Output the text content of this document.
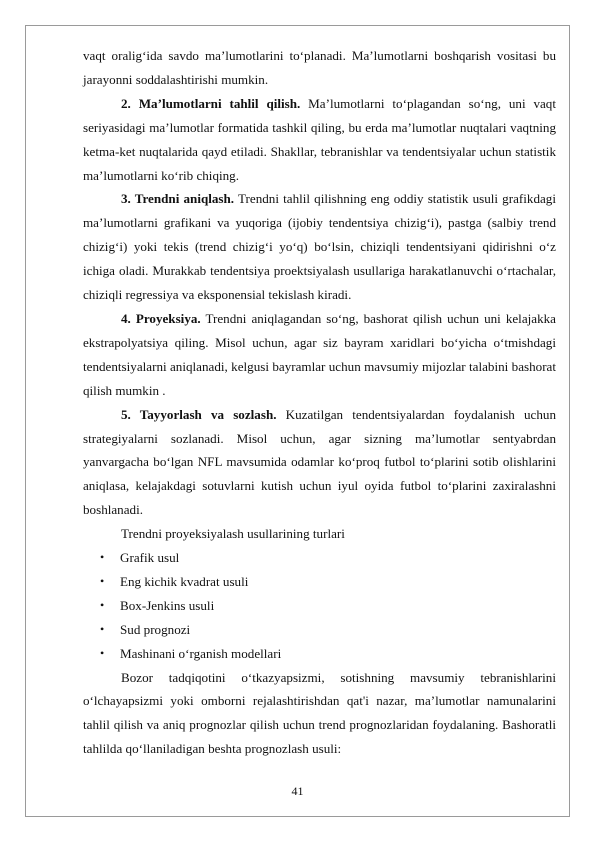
vaqt oralig‘ida savdo ma’lumotlarini to‘planadi. Ma’lumotlarni boshqarish vositasi bu jarayonni soddalashtirishi mumkin.

2. Ma’lumotlarni tahlil qilish. Ma’lumotlarni to‘plagandan so‘ng, uni vaqt seriyasidagi ma’lumotlar formatida tashkil qiling, bu erda ma’lumotlar nuqtalari vaqtning ketma-ket nuqtalarida qayd etiladi. Shakllar, tebranishlar va tendentsiyalar uchun statistik ma’lumotlarni ko‘rib chiqing.

3. Trendni aniqlash. Trendni tahlil qilishning eng oddiy statistik usuli grafikdagi ma’lumotlarni grafikani va yuqoriga (ijobiy tendentsiya chizig‘i), pastga (salbiy trend chizig‘i) yoki tekis (trend chizig‘i yo‘q) bo‘lsin, chiziqli tendentsiyani qidirishni o‘z ichiga oladi. Murakkab tendentsiya proektsiyalash usullariga harakatlanuvchi o‘rtachalar, chiziqli regressiya va eksponensial tekislash kiradi.

4. Proyeksiya. Trendni aniqlagandan so‘ng, bashorat qilish uchun uni kelajakka ekstrapolyatsiya qiling. Misol uchun, agar siz bayram xaridlari bo‘yicha o‘tmishdagi tendentsiyalarni aniqlanadi, kelgusi bayramlar uchun mavsumiy mijozlar talabini bashorat qilish mumkin .

5. Tayyorlash va sozlash. Kuzatilgan tendentsiyalardan foydalanish uchun strategiyalarni sozlanadi. Misol uchun, agar sizning ma’lumotlar sentyabrdan yanvargacha bo‘lgan NFL mavsumida odamlar ko‘proq futbol to‘plarini sotib olishlarini aniqlasa, kelajakdagi sotuvlarni kutish uchun iyul oyida futbol to‘plarini zaxiralashni boshlanadi.

Trendni proyeksiyalash usullarining turlari

• Grafik usul
• Eng kichik kvadrat usuli
• Box-Jenkins usuli
• Sud prognozi
• Mashinani o‘rganish modellari

Bozor tadqiqotini o‘tkazyapsizmi, sotishning mavsumiy tebranishlarini o‘lchayapsizmi yoki omborni rejalashtirishdan qat'i nazar, ma’lumotlar namunalarini tahlil qilish va aniq prognozlar qilish uchun trend prognozlaridan foydalaning. Bashoratli tahlilda qo‘llaniladigan beshta prognozlash usuli:

41
